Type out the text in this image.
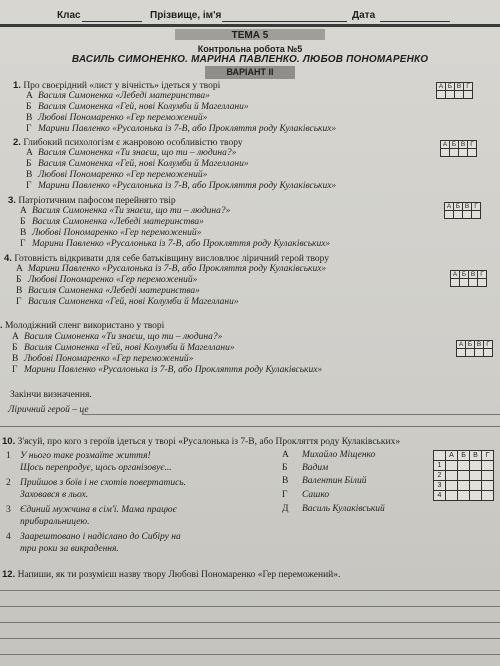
Клас	Прізвище, ім'я	Дата
ТЕМА 5
Контрольна робота №5
ВАСИЛЬ СИМОНЕНКО. МАРИНА ПАВЛЕНКО. ЛЮБОВ ПОНОМАРЕНКО
ВАРІАНТ ІІ
1. Про своєрідний «лист у вічність» ідеться у творі
А Василя Симоненка «Лебеді материнства»
Б Василя Симоненка «Гей, нові Колумби й Магеллани»
В Любові Пономаренко «Гер переможений»
Г Марини Павленко «Русалонька із 7-В, або Прокляття роду Кулаківських»
А	Б	В	Г

2. Глибокий психологізм є жанровою особливістю твору
А Василя Симоненка «Ти знаєш, що ти – людина?»
Б Василя Симоненка «Гей, нові Колумби й Магеллани»
В Любові Пономаренко «Гер переможений»
Г Марини Павленко «Русалонька із 7-В, або Прокляття роду Кулаківських»
А	Б	В	Г

3. Патріотичним пафосом перейнято твір
А Василя Симоненка «Ти знаєш, що ти – людина?»
Б Василя Симоненка «Лебеді материнства»
В Любові Пономаренко «Гер переможений»
Г Марини Павленко «Русалонька із 7-В, або Прокляття роду Кулаківських»
А	Б	В	Г

4. Готовність відкривати для себе батьківщину висловлює ліричний герой твору
А Марини Павленко «Русалонька із 7-В, або Прокляття роду Кулаківських»
Б Любові Пономаренко «Гер переможений»
В Василя Симоненка «Лебеді материнства»
Г Василя Симоненка «Гей, нові Колумби й Магеллани»
А	Б	В	Г

. Молодіжний сленг використано у творі
А Василя Симоненка «Ти знаєш, що ти – людина?»
Б Василя Симоненка «Гей, нові Колумби й Магеллани»
В Любові Пономаренко «Гер переможений»
Г Марини Павленко «Русалонька із 7-В, або Прокляття роду Кулаківських»
А	Б	В	Г

Закінчи визначення.
Ліричний герой – це
10. З'ясуй, про кого з героїв ідеться у творі «Русалонька із 7-В, або Прокляття роду Кулаківських»
1 У нього таке розмаїте життя!
Щось перепродує, щось організовує...
2 Прийшов з боїв і не схотів повертатись.
Заховався в льох.
3 Єдиний мужчина в сім'ї. Мама працює
прибиральницею.
4 Заарештовано і надіслано до Сибіру на
три роки за викрадення.
А Михайло Міщенко
Б Вадим
В Валентин Білий
Г Сашко
Д Василь Кулаківський
	А	Б	В	Г
1				
2				
3				
4				
12. Напиши, як ти розумієш назву твору Любові Пономаренко «Гер переможений».
